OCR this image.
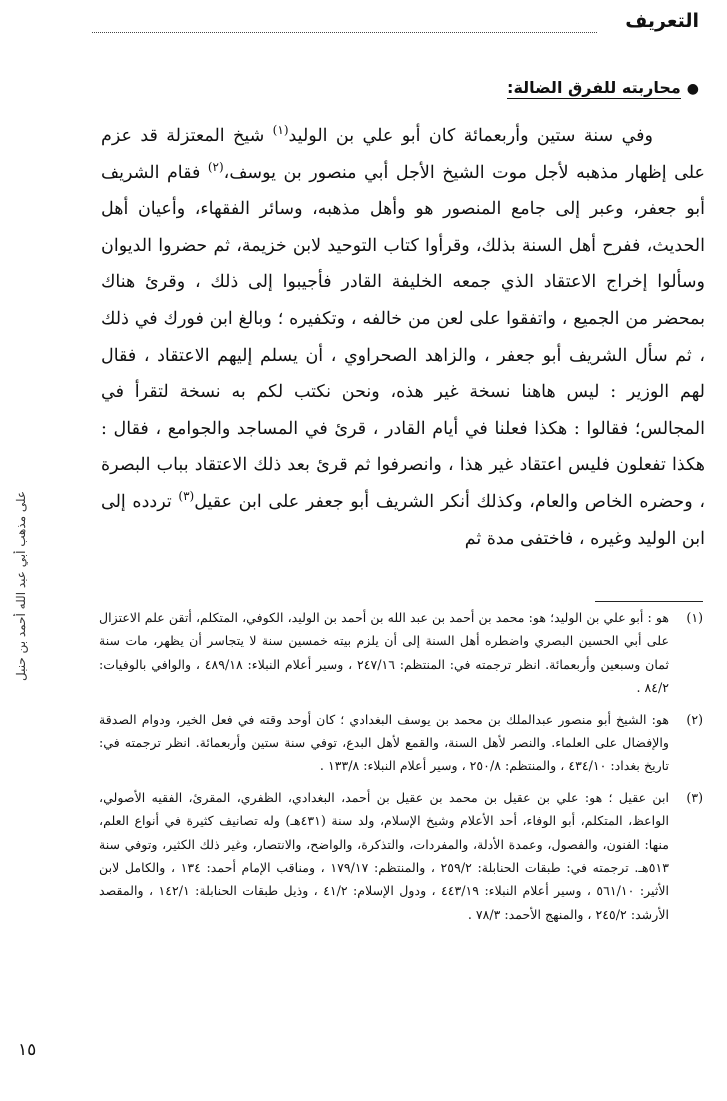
التعريف
●محاربته للفرق الضالة:
وفي سنة ستين وأربعمائة كان أبو علي بن الوليد$^{(١)}$ شيخ المعتزلة قد عزم على إظهار مذهبه لأجل موت الشيخ الأجل أبي منصور بن يوسف،$^{(٢)}$ فقام الشريف أبو جعفر، وعبر إلى جامع المنصور هو وأهل مذهبه، وسائر الفقهاء، وأعيان أهل الحديث، ففرح أهل السنة بذلك، وقرأوا كتاب التوحيد لابن خزيمة، ثم حضروا الديوان وسألوا إخراج الاعتقاد الذي جمعه الخليفة القادر فأجيبوا إلى ذلك ، وقرئ هناك بمحضر من الجميع ، واتفقوا على لعن من خالفه ، وتكفيره ؛ وبالغ ابن فورك في ذلك ، ثم سأل الشريف أبو جعفر ، والزاهد الصحراوي ، أن يسلم إليهم الاعتقاد ، فقال لهم الوزير : ليس هاهنا نسخة غير هذه، ونحن نكتب لكم به نسخة لتقرأ في المجالس؛ فقالوا : هكذا فعلنا في أيام القادر ، قرئ في المساجد والجوامع ، فقال : هكذا تفعلون فليس اعتقاد غير هذا ، وانصرفوا ثم قرئ بعد ذلك الاعتقاد بباب البصرة ، وحضره الخاص والعام، وكذلك أنكر الشريف أبو جعفر على ابن عقيل$^{(٣)}$ تردده إلى ابن الوليد وغيره ، فاختفى مدة ثم
(١)
هو : أبو علي بن الوليد؛ هو: محمد بن أحمد بن عبد الله بن أحمد بن الوليد، الكوفي، المتكلم، أتقن علم الاعتزال على أبي الحسين البصري واضطره أهل السنة إلى أن يلزم بيته خمسين سنة لا يتجاسر أن يظهر، مات سنة ثمان وسبعين وأربعمائة. انظر ترجمته في: المنتظم: ٢٤٧/١٦ ، وسير أعلام النبلاء: ٤٨٩/١٨ ، والوافي بالوفيات: ٨٤/٢ .
(٢)
هو: الشيخ أبو منصور عبدالملك بن محمد بن يوسف البغدادي ؛ كان أوحد وقته في فعل الخير، ودوام الصدقة والإفضال على العلماء. والنصر لأهل السنة، والقمع لأهل البدع، توفي سنة ستين وأربعمائة. انظر ترجمته في: تاريخ بغداد: ٤٣٤/١٠ ، والمنتظم: ٢٥٠/٨ ، وسير أعلام النبلاء: ١٣٣/٨ .
(٣)
ابن عقيل ؛ هو: علي بن عقيل بن محمد بن عقيل بن أحمد، البغدادي، الظفري، المقرئ، الفقيه الأصولي، الواعظ، المتكلم، أبو الوفاء، أحد الأعلام وشيخ الإسلام، ولد سنة (٤٣١هـ) وله تصانيف كثيرة في أنواع العلم، منها: الفنون، والفصول، وعمدة الأدلة، والمفردات، والتذكرة، والواضح، والانتصار، وغير ذلك الكثير، وتوفي سنة ٥١٣هـ. ترجمته في: طبقات الحنابلة: ٢٥٩/٢ ، والمنتظم: ١٧٩/١٧ ، ومناقب الإمام أحمد: ١٣٤ ، والكامل لابن الأثير: ٥٦١/١٠ ، وسير أعلام النبلاء: ٤٤٣/١٩ ، ودول الإسلام: ٤١/٢ ، وذيل طبقات الحنابلة: ١٤٢/١ ، والمقصد الأرشد: ٢٤٥/٢ ، والمنهج الأحمد: ٧٨/٣ .
على مذهب أبي عبد الله أحمد بن حنبل
١٥
